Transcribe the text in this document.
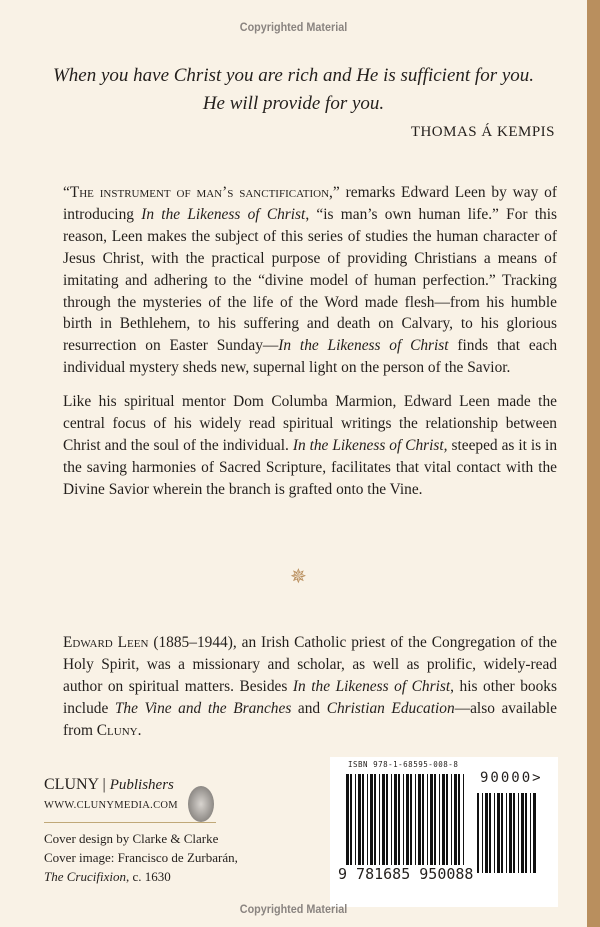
Copyrighted Material
When you have Christ you are rich and He is sufficient for you.
He will provide for you.
THOMAS Á KEMPIS

“The instrument of man’s sanctification,” remarks Edward Leen by way of introducing In the Likeness of Christ, “is man’s own human life.” For this reason, Leen makes the subject of this series of studies the human character of Jesus Christ, with the practical purpose of providing Christians a means of imitating and adhering to the “divine model of human perfection.” Tracking through the mysteries of the life of the Word made flesh—from his humble birth in Bethlehem, to his suffering and death on Calvary, to his glorious resurrection on Easter Sunday—In the Likeness of Christ finds that each individual mystery sheds new, supernal light on the person of the Savior.

Like his spiritual mentor Dom Columba Marmion, Edward Leen made the central focus of his widely read spiritual writings the relationship between Christ and the soul of the individual. In the Likeness of Christ, steeped as it is in the saving harmonies of Sacred Scripture, facilitates that vital contact with the Divine Savior wherein the branch is grafted onto the Vine.

✵

Edward Leen (1885–1944), an Irish Catholic priest of the Congregation of the Holy Spirit, was a missionary and scholar, as well as prolific, widely-read author on spiritual matters. Besides In the Likeness of Christ, his other books include The Vine and the Branches and Christian Education—also available from Cluny.

CLUNY | Publishers
WWW.CLUNYMEDIA.COM
Cover design by Clarke & Clarke
Cover image: Francisco de Zurbarán,
The Crucifixion, c. 1630
ISBN 978-1-68595-008-8
90000>
9 781685 950088
Copyrighted Material
